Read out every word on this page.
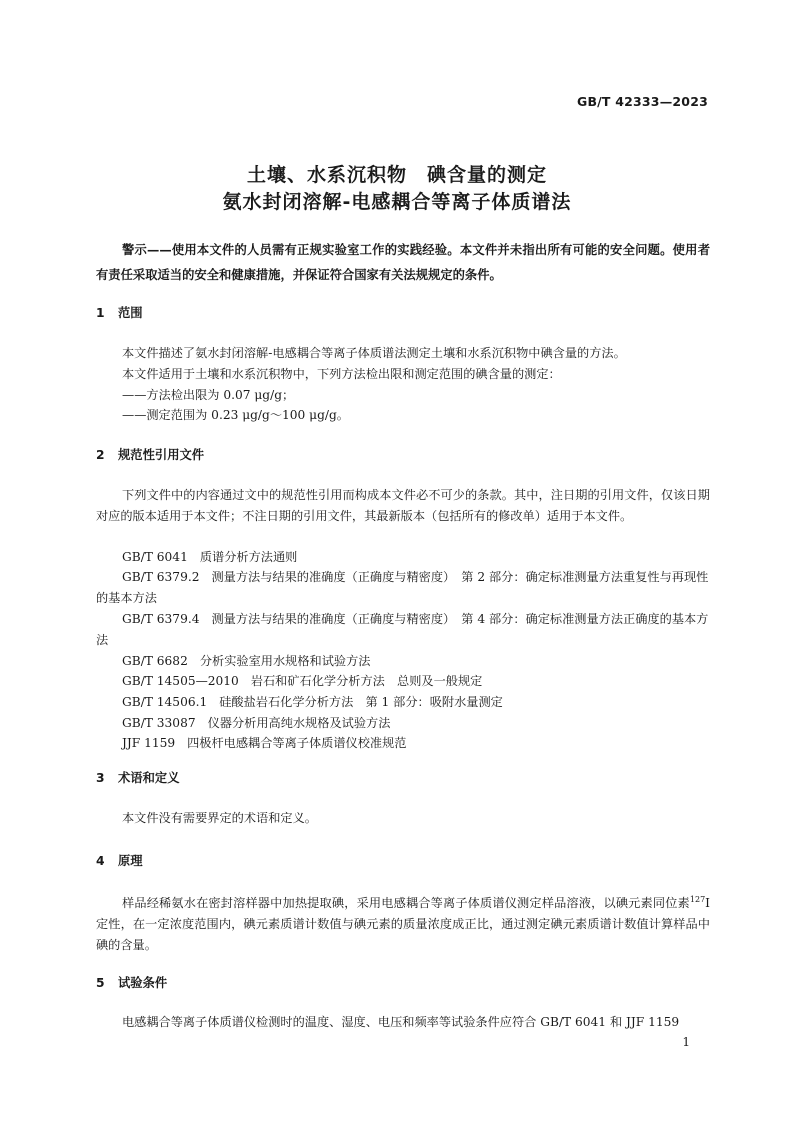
GB/T 42333—2023
土壤、水系沉积物　碘含量的测定
氨水封闭溶解-电感耦合等离子体质谱法
警示——使用本文件的人员需有正规实验室工作的实践经验。本文件并未指出所有可能的安全问题。使用者有责任采取适当的安全和健康措施，并保证符合国家有关法规规定的条件。
1 范围
本文件描述了氨水封闭溶解-电感耦合等离子体质谱法测定土壤和水系沉积物中碘含量的方法。
本文件适用于土壤和水系沉积物中，下列方法检出限和测定范围的碘含量的测定：
——方法检出限为 0.07 μg/g；
——测定范围为 0.23 μg/g～100 μg/g。
2 规范性引用文件
下列文件中的内容通过文中的规范性引用而构成本文件必不可少的条款。其中，注日期的引用文件，仅该日期对应的版本适用于本文件；不注日期的引用文件，其最新版本（包括所有的修改单）适用于本文件。
GB/T 6041 质谱分析方法通则
GB/T 6379.2 测量方法与结果的准确度（正确度与精密度）　第 2 部分：确定标准测量方法重复性与再现性的基本方法
GB/T 6379.4 测量方法与结果的准确度（正确度与精密度）　第 4 部分：确定标准测量方法正确度的基本方法
GB/T 6682 分析实验室用水规格和试验方法
GB/T 14505—2010 岩石和矿石化学分析方法　总则及一般规定
GB/T 14506.1 硅酸盐岩石化学分析方法　第 1 部分：吸附水量测定
GB/T 33087 仪器分析用高纯水规格及试验方法
JJF 1159 四极杆电感耦合等离子体质谱仪校准规范
3 术语和定义
本文件没有需要界定的术语和定义。
4 原理
样品经稀氨水在密封溶样器中加热提取碘，采用电感耦合等离子体质谱仪测定样品溶液，以碘元素同位素$^{127}$I 定性，在一定浓度范围内，碘元素质谱计数值与碘元素的质量浓度成正比，通过测定碘元素质谱计数值计算样品中碘的含量。
5 试验条件
电感耦合等离子体质谱仪检测时的温度、湿度、电压和频率等试验条件应符合 GB/T 6041 和 JJF 1159
1
